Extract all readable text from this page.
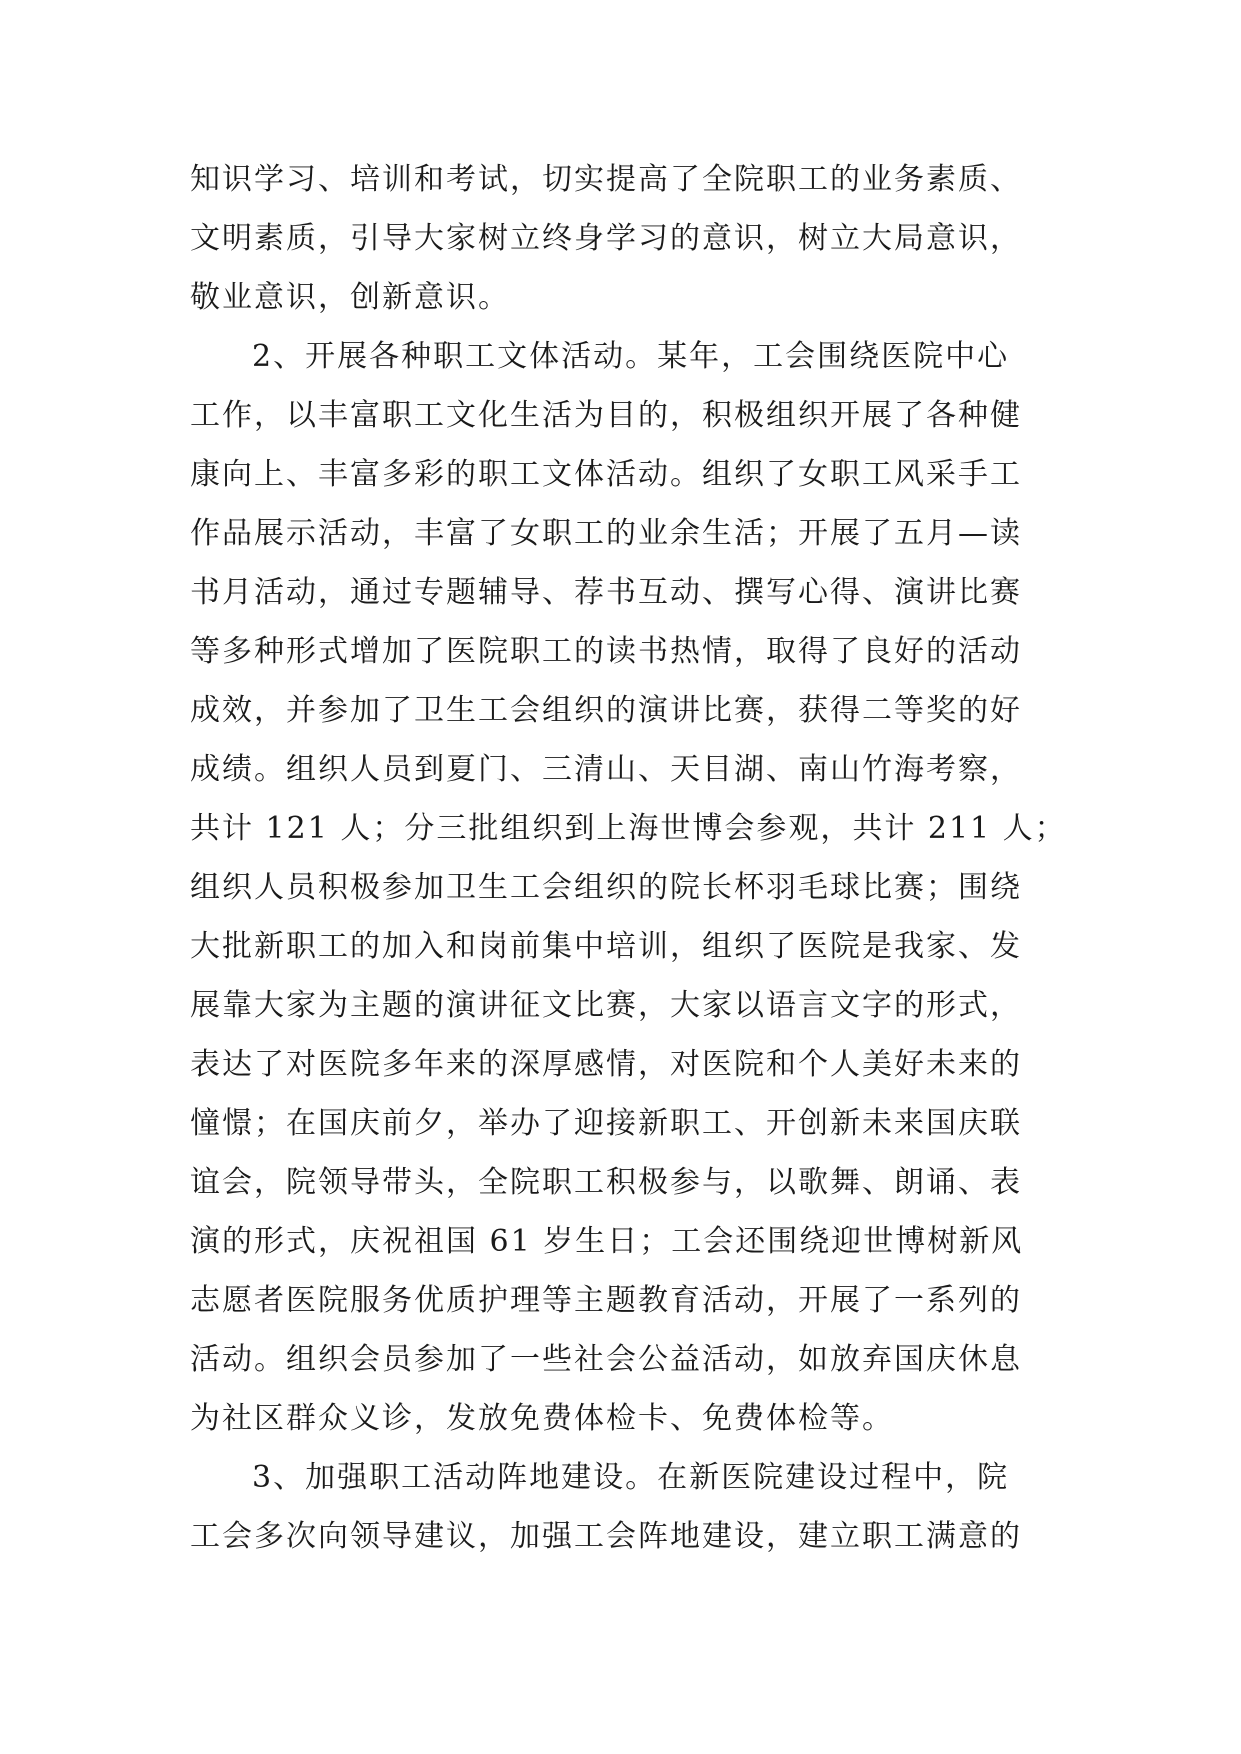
知识学习、培训和考试，切实提高了全院职工的业务素质、
文明素质，引导大家树立终身学习的意识，树立大局意识，
敬业意识，创新意识。
2、开展各种职工文体活动。某年，工会围绕医院中心
工作，以丰富职工文化生活为目的，积极组织开展了各种健
康向上、丰富多彩的职工文体活动。组织了女职工风采手工
作品展示活动，丰富了女职工的业余生活；开展了五月—读
书月活动，通过专题辅导、荐书互动、撰写心得、演讲比赛
等多种形式增加了医院职工的读书热情，取得了良好的活动
成效，并参加了卫生工会组织的演讲比赛，获得二等奖的好
成绩。组织人员到夏门、三清山、天目湖、南山竹海考察，
共计 121 人；分三批组织到上海世博会参观，共计 211 人；
组织人员积极参加卫生工会组织的院长杯羽毛球比赛；围绕
大批新职工的加入和岗前集中培训，组织了医院是我家、发
展靠大家为主题的演讲征文比赛，大家以语言文字的形式，
表达了对医院多年来的深厚感情，对医院和个人美好未来的
憧憬；在国庆前夕，举办了迎接新职工、开创新未来国庆联
谊会，院领导带头，全院职工积极参与，以歌舞、朗诵、表
演的形式，庆祝祖国 61 岁生日；工会还围绕迎世博树新风
志愿者医院服务优质护理等主题教育活动，开展了一系列的
活动。组织会员参加了一些社会公益活动，如放弃国庆休息
为社区群众义诊，发放免费体检卡、免费体检等。
3、加强职工活动阵地建设。在新医院建设过程中，院
工会多次向领导建议，加强工会阵地建设，建立职工满意的
